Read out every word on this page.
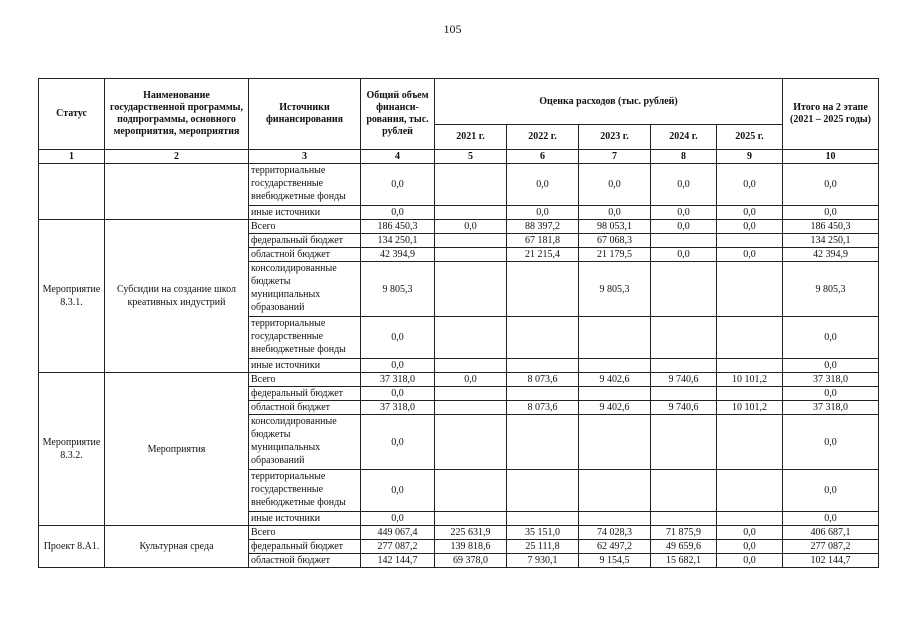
105
Статус	Наименование государственной программы, подпрограммы, основного мероприятия, мероприятия	Источники финансирования	Общий объем финанси-рования, тыс. рублей	Оценка расходов (тыс. рублей)					Итого на 2 этапе (2021 – 2025 годы)
				2021 г.	2022 г.	2023 г.	2024 г.	2025 г.	
1	2	3	4	5	6	7	8	9	10
		территориальные государственные внебюджетные фонды	0,0		0,0	0,0	0,0	0,0	0,0
		иные источники	0,0		0,0	0,0	0,0	0,0	0,0
Мероприятие 8.3.1.	Субсидии на создание школ креативных индустрий	Всего	186 450,3	0,0	88 397,2	98 053,1	0,0	0,0	186 450,3
		федеральный бюджет	134 250,1		67 181,8	67 068,3			134 250,1
		областной бюджет	42 394,9		21 215,4	21 179,5	0,0	0,0	42 394,9
		консолидированные бюджеты муниципальных образований	9 805,3			9 805,3			9 805,3
		территориальные государственные внебюджетные фонды	0,0						0,0
		иные источники	0,0						0,0
Мероприятие 8.3.2.	Мероприятия	Всего	37 318,0	0,0	8 073,6	9 402,6	9 740,6	10 101,2	37 318,0
		федеральный бюджет	0,0						0,0
		областной бюджет	37 318,0		8 073,6	9 402,6	9 740,6	10 101,2	37 318,0
		консолидированные бюджеты муниципальных образований	0,0						0,0
		территориальные государственные внебюджетные фонды	0,0						0,0
		иные источники	0,0						0,0
Проект 8.А1.	Культурная среда	Всего	449 067,4	225 631,9	35 151,0	74 028,3	71 875,9	0,0	406 687,1
		федеральный бюджет	277 087,2	139 818,6	25 111,8	62 497,2	49 659,6	0,0	277 087,2
		областной бюджет	142 144,7	69 378,0	7 930,1	9 154,5	15 682,1	0,0	102 144,7
